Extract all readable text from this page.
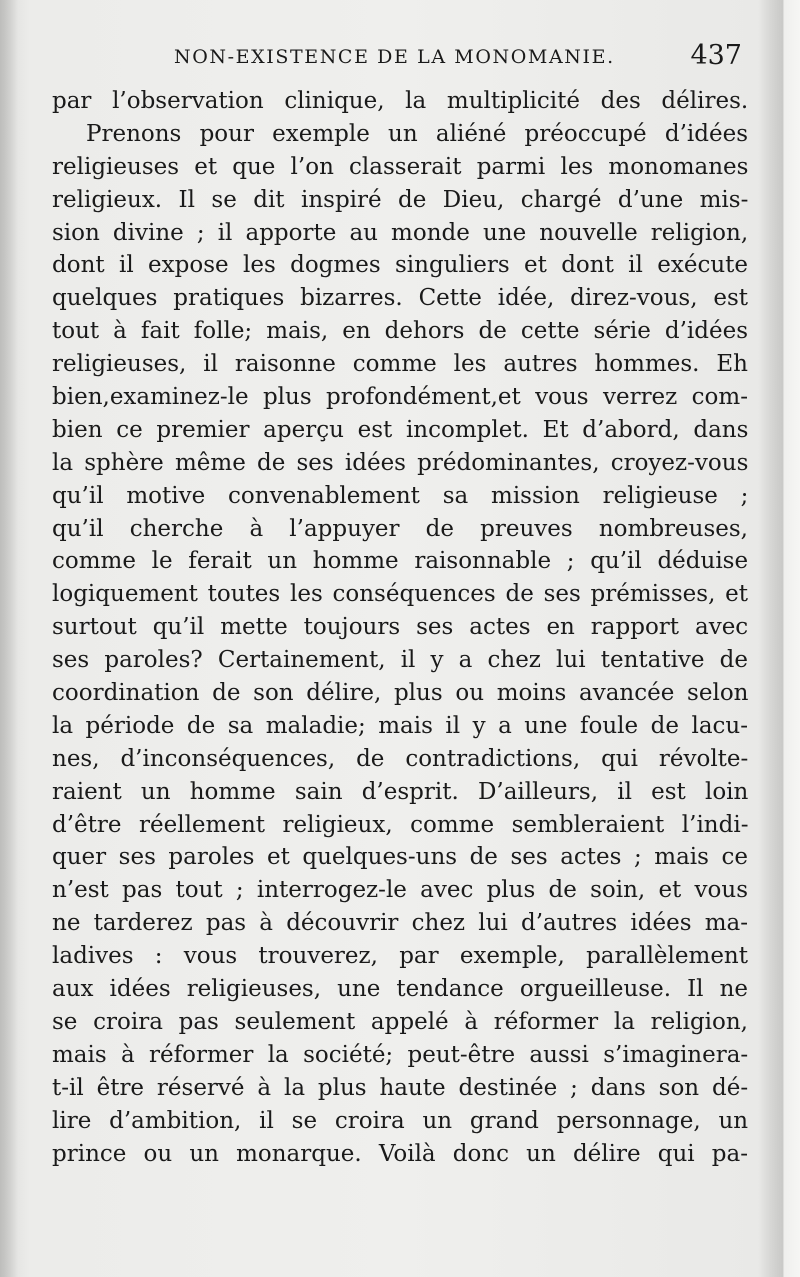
NON-EXISTENCE DE LA MONOMANIE.	437
par l’observation clinique, la multiplicité des délires.
Prenons pour exemple un aliéné préoccupé d’idées
religieuses et que l’on classerait parmi les monomanes
religieux. Il se dit inspiré de Dieu, chargé d’une mis-
sion divine ; il apporte au monde une nouvelle religion,
dont il expose les dogmes singuliers et dont il exécute
quelques pratiques bizarres. Cette idée, direz-vous, est
tout à fait folle; mais, en dehors de cette série d’idées
religieuses, il raisonne comme les autres hommes. Eh
bien,examinez-le plus profondément,et vous verrez com-
bien ce premier aperçu est incomplet. Et d’abord, dans
la sphère même de ses idées prédominantes, croyez-vous
qu’il motive convenablement sa mission religieuse ;
qu’il cherche à l’appuyer de preuves nombreuses,
comme le ferait un homme raisonnable ; qu’il déduise
logiquement toutes les conséquences de ses prémisses, et
surtout qu’il mette toujours ses actes en rapport avec
ses paroles? Certainement, il y a chez lui tentative de
coordination de son délire, plus ou moins avancée selon
la période de sa maladie; mais il y a une foule de lacu-
nes, d’inconséquences, de contradictions, qui révolte-
raient un homme sain d’esprit. D’ailleurs, il est loin
d’être réellement religieux, comme sembleraient l’indi-
quer ses paroles et quelques-uns de ses actes ; mais ce
n’est pas tout ; interrogez-le avec plus de soin, et vous
ne tarderez pas à découvrir chez lui d’autres idées ma-
ladives : vous trouverez, par exemple, parallèlement
aux idées religieuses, une tendance orgueilleuse. Il ne
se croira pas seulement appelé à réformer la religion,
mais à réformer la société; peut-être aussi s’imaginera-
t-il être réservé à la plus haute destinée ; dans son dé-
lire d’ambition, il se croira un grand personnage, un
prince ou un monarque. Voilà donc un délire qui pa-
